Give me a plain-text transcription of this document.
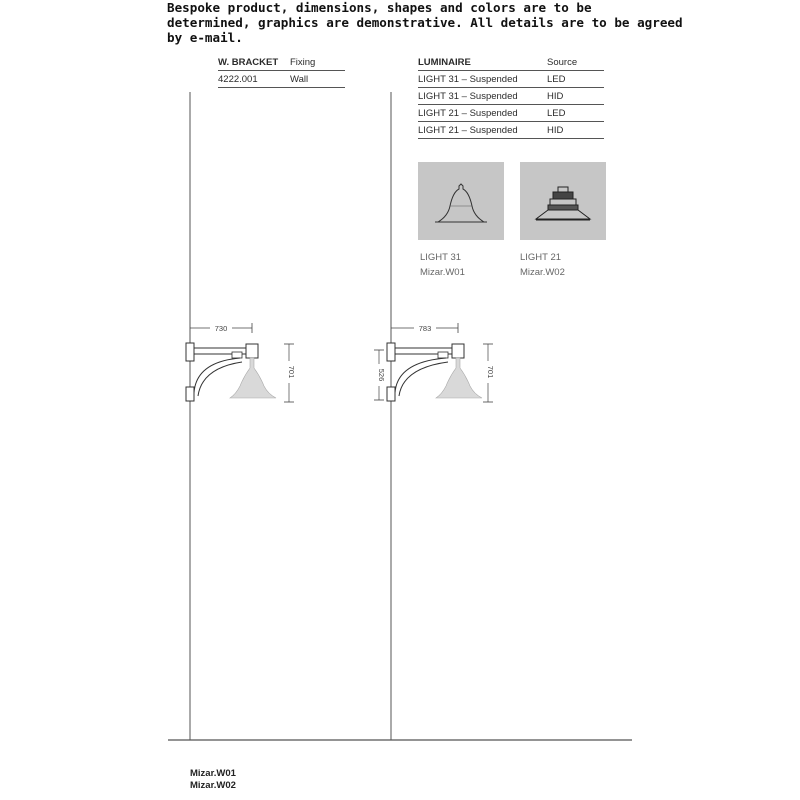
Bespoke product, dimensions, shapes and colors are to be
determined, graphics are demonstrative. All details are to be agreed
by e-mail.

W. BRACKET	Fixing
4222.001	Wall
LUMINAIRE	Source
LIGHT 31 – Suspended	LED
LIGHT 31 – Suspended	HID
LIGHT 21 – Suspended	LED
LIGHT 21 – Suspended	HID
LIGHT 31
Mizar.W01
LIGHT 21
Mizar.W02
730
701
783
526	701
Mizar.W01
Mizar.W02
